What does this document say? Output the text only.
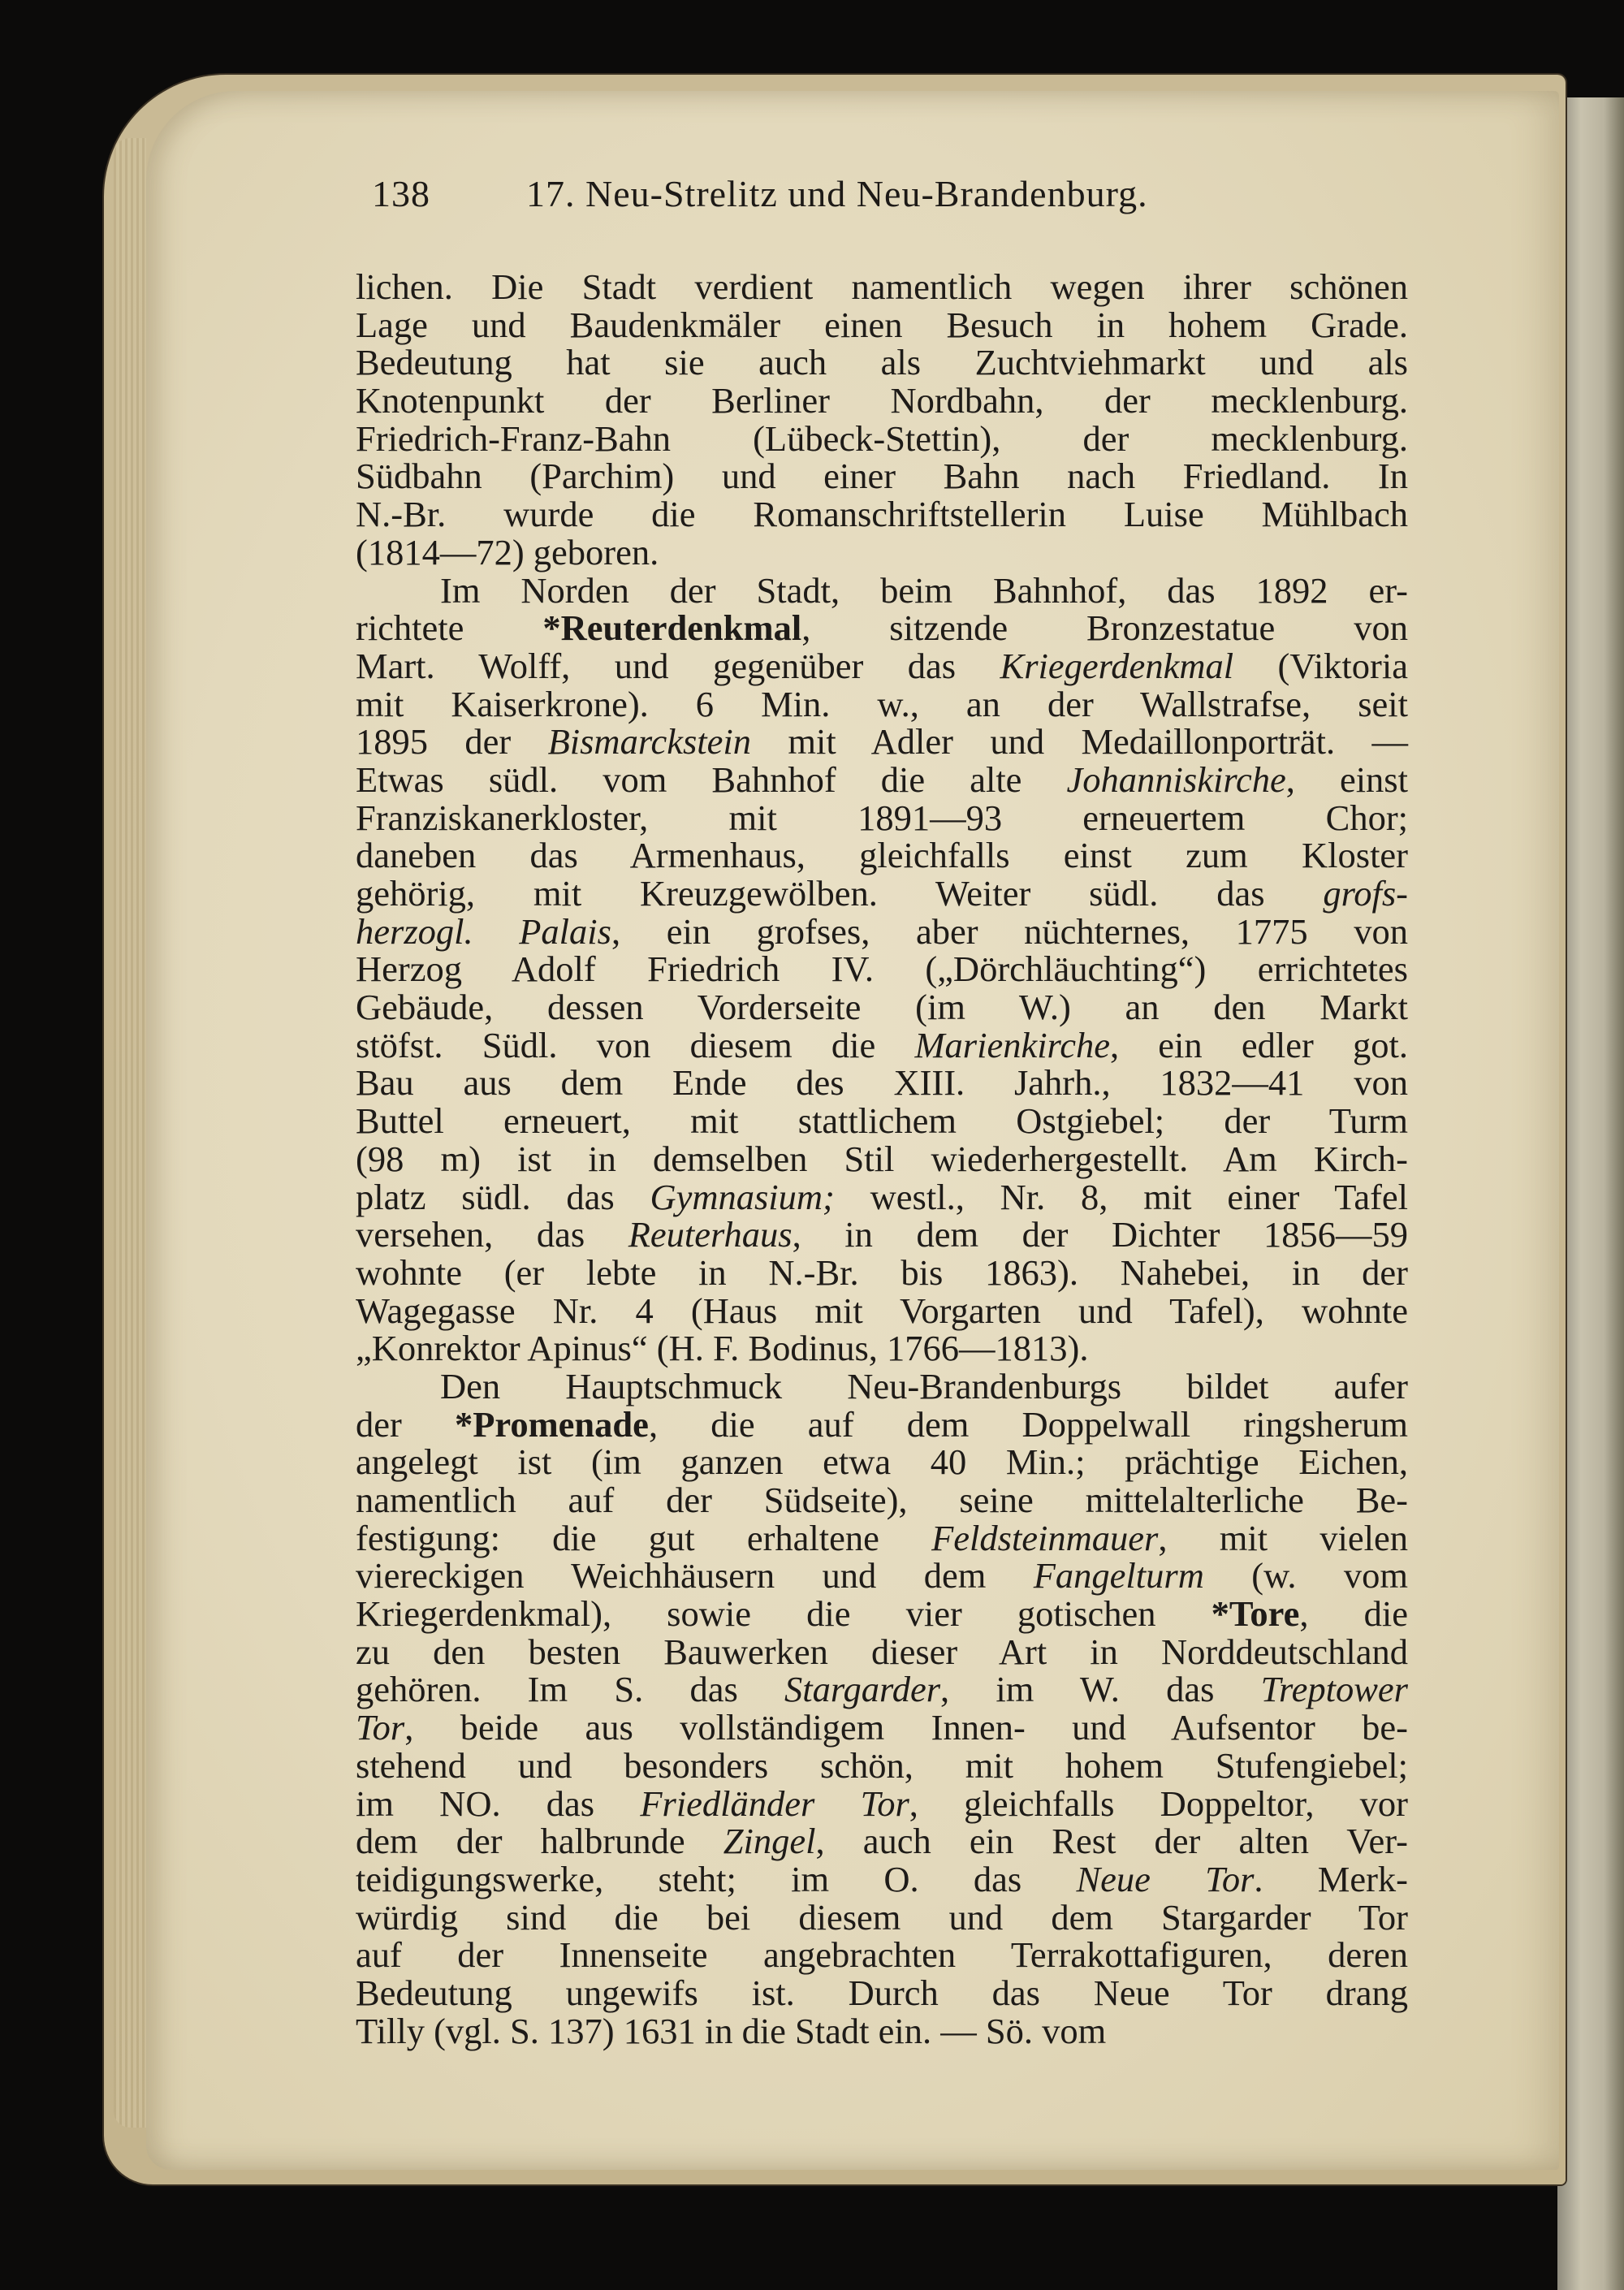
138	17. Neu-Strelitz und Neu-Brandenburg.
lichen. Die Stadt verdient namentlich wegen ihrer schönen
Lage und Baudenkmäler einen Besuch in hohem Grade.
Bedeutung hat sie auch als Zuchtviehmarkt und als
Knotenpunkt der Berliner Nordbahn, der mecklenburg.
Friedrich-Franz-Bahn (Lübeck-Stettin), der mecklenburg.
Südbahn (Parchim) und einer Bahn nach Friedland. In
N.-Br. wurde die Romanschriftstellerin Luise Mühlbach
(1814—72) geboren.
Im Norden der Stadt, beim Bahnhof, das 1892 er-
richtete *Reuterdenkmal, sitzende Bronzestatue von
Mart. Wolff, und gegenüber das Kriegerdenkmal (Viktoria
mit Kaiserkrone). 6 Min. w., an der Wallstrafse, seit
1895 der Bismarckstein mit Adler und Medaillonporträt. —
Etwas südl. vom Bahnhof die alte Johanniskirche, einst
Franziskanerkloster, mit 1891—93 erneuertem Chor;
daneben das Armenhaus, gleichfalls einst zum Kloster
gehörig, mit Kreuzgewölben. Weiter südl. das grofs-
herzogl. Palais, ein grofses, aber nüchternes, 1775 von
Herzog Adolf Friedrich IV. („Dörchläuchting“) errichtetes
Gebäude, dessen Vorderseite (im W.) an den Markt
stöfst. Südl. von diesem die Marienkirche, ein edler got.
Bau aus dem Ende des XIII. Jahrh., 1832—41 von
Buttel erneuert, mit stattlichem Ostgiebel; der Turm
(98 m) ist in demselben Stil wiederhergestellt. Am Kirch-
platz südl. das Gymnasium; westl., Nr. 8, mit einer Tafel
versehen, das Reuterhaus, in dem der Dichter 1856—59
wohnte (er lebte in N.-Br. bis 1863). Nahebei, in der
Wagegasse Nr. 4 (Haus mit Vorgarten und Tafel), wohnte
„Konrektor Apinus“ (H. F. Bodinus, 1766—1813).
Den Hauptschmuck Neu-Brandenburgs bildet aufer
der *Promenade, die auf dem Doppelwall ringsherum
angelegt ist (im ganzen etwa 40 Min.; prächtige Eichen,
namentlich auf der Südseite), seine mittelalterliche Be-
festigung: die gut erhaltene Feldsteinmauer, mit vielen
viereckigen Weichhäusern und dem Fangelturm (w. vom
Kriegerdenkmal), sowie die vier gotischen *Tore, die
zu den besten Bauwerken dieser Art in Norddeutschland
gehören. Im S. das Stargarder, im W. das Treptower
Tor, beide aus vollständigem Innen- und Aufsentor be-
stehend und besonders schön, mit hohem Stufengiebel;
im NO. das Friedländer Tor, gleichfalls Doppeltor, vor
dem der halbrunde Zingel, auch ein Rest der alten Ver-
teidigungswerke, steht; im O. das Neue Tor. Merk-
würdig sind die bei diesem und dem Stargarder Tor
auf der Innenseite angebrachten Terrakottafiguren, deren
Bedeutung ungewifs ist. Durch das Neue Tor drang
Tilly (vgl. S. 137) 1631 in die Stadt ein. — Sö. vom
